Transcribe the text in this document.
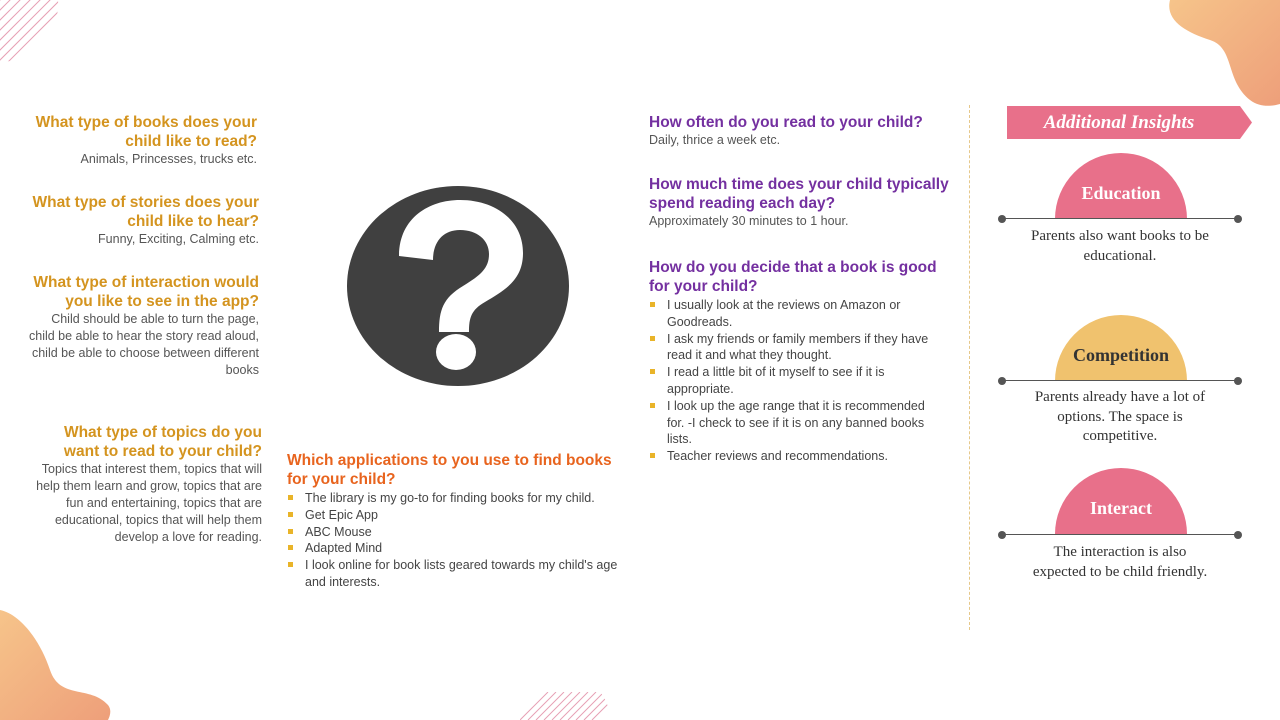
What type of books does your child like to read?
Animals, Princesses, trucks etc.
What type of stories does your child like to hear?
Funny, Exciting, Calming etc.
What type of interaction would you like to see in the app?
Child should be able to turn the page, child be able to hear the story read aloud, child be able to choose between different books
What type of topics do you want to read to your child?
Topics that interest them, topics that will help them learn and grow, topics that are fun and entertaining, topics that are educational, topics that will help them develop a love for reading.
Which applications to you use to find books for your child?
The library is my go-to for finding books for my child.
Get Epic App
ABC Mouse
Adapted Mind
I look online for book lists geared towards my child's age and interests.
How often do you read to your child?
Daily, thrice a week etc.
How much time does your child typically spend reading each day?
Approximately 30 minutes to 1 hour.
How do you decide that a book is good for your child?
I usually look at the reviews on Amazon or Goodreads.
I ask my friends or family members if they have read it and what they thought.
I read a little bit of it myself to see if it is appropriate.
I look up the age range that it is recommended for. -I check to see if it is on any banned books lists.
Teacher reviews and recommendations.
Additional Insights
Education
Parents also want books to be educational.
Competition
Parents already have a lot of options. The space is competitive.
Interact
The interaction is also expected to be child friendly.
